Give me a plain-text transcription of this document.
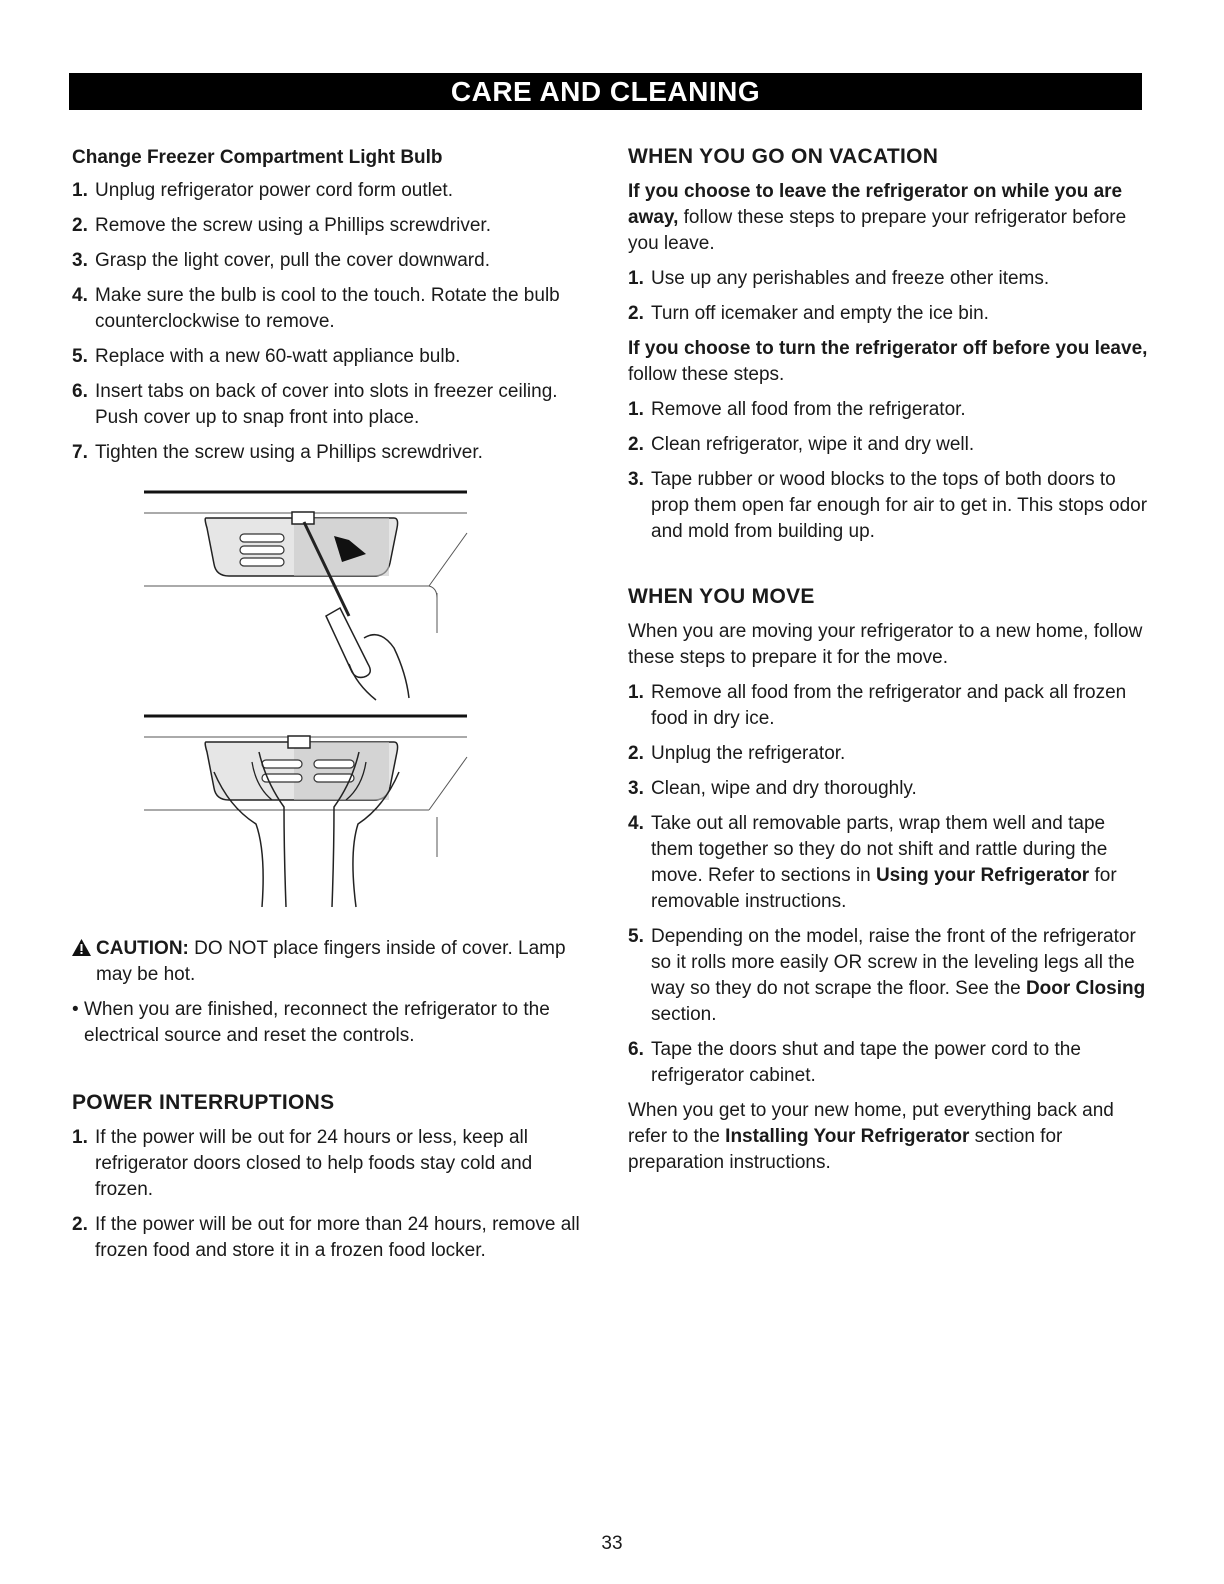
CARE AND CLEANING
Change Freezer Compartment Light Bulb
1. Unplug refrigerator power cord form outlet.
2. Remove the screw using a Phillips screwdriver.
3. Grasp the light cover, pull the cover downward.
4. Make sure the bulb is cool to the touch. Rotate the bulb counterclockwise to remove.
5. Replace with a new 60-watt appliance bulb.
6. Insert tabs on back of cover into slots in freezer ceiling. Push cover up to snap front into place.
7. Tighten the screw using a Phillips screwdriver.
CAUTION: DO NOT place fingers inside of cover. Lamp may be hot.
• When you are finished, reconnect the refrigerator to the electrical source and reset the controls.
POWER INTERRUPTIONS
1. If the power will be out for 24 hours or less, keep all refrigerator doors closed to help foods stay cold and frozen.
2. If the power will be out for more than 24 hours, remove all frozen food and store it in a frozen food locker.
WHEN YOU GO ON VACATION

If you choose to leave the refrigerator on while you are away, follow these steps to prepare your refrigerator before you leave.

1. Use up any perishables and freeze other items.
2. Turn off icemaker and empty the ice bin.

If you choose to turn the refrigerator off before you leave, follow these steps.

1. Remove all food from the refrigerator.
2. Clean refrigerator, wipe it and dry well.
3. Tape rubber or wood blocks to the tops of both doors to prop them open far enough for air to get in. This stops odor and mold from building up.
WHEN YOU MOVE

When you are moving your refrigerator to a new home, follow these steps to prepare it for the move.

1. Remove all food from the refrigerator and pack all frozen food in dry ice.
2. Unplug the refrigerator.
3. Clean, wipe and dry thoroughly.
4. Take out all removable parts, wrap them well and tape them together so they do not shift and rattle during the move. Refer to sections in Using your Refrigerator for removable instructions.
5. Depending on the model, raise the front of the refrigerator so it rolls more easily OR screw in the leveling legs all the way so they do not scrape the floor. See the Door Closing section.
6. Tape the doors shut and tape the power cord to the refrigerator cabinet.

When you get to your new home, put everything back and refer to the Installing Your Refrigerator section for preparation instructions.

33
